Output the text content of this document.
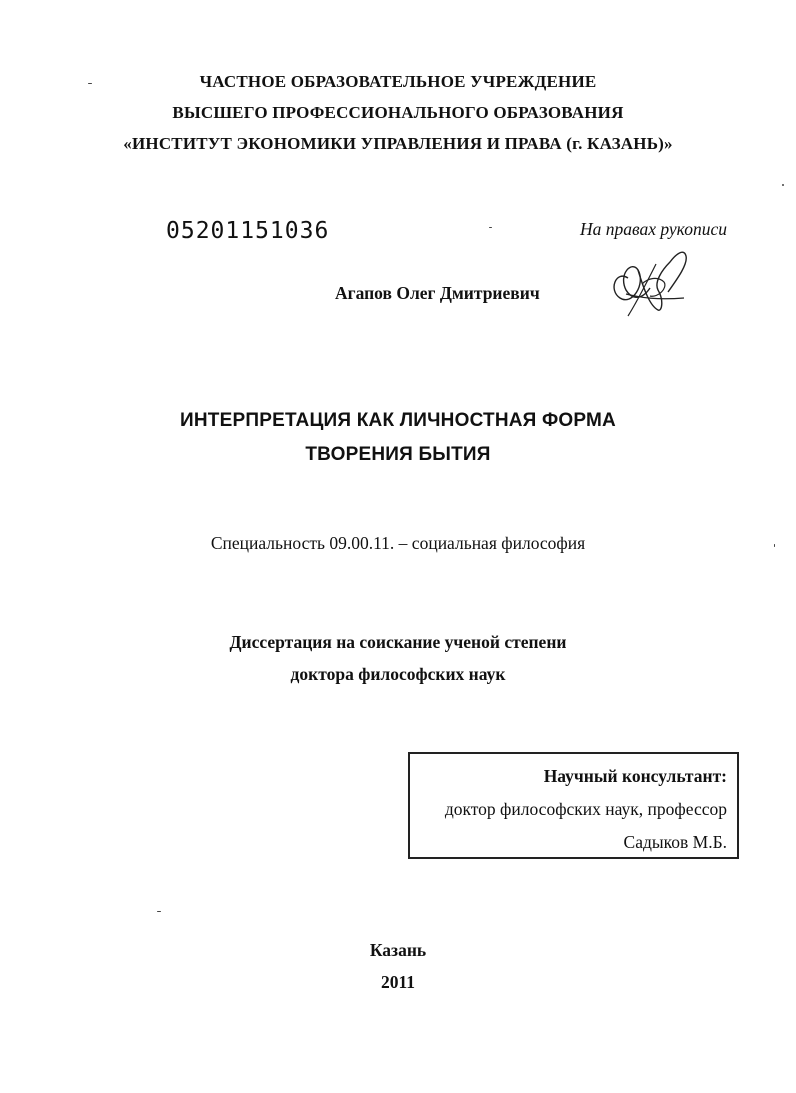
ЧАСТНОЕ ОБРАЗОВАТЕЛЬНОЕ УЧРЕЖДЕНИЕ
ВЫСШЕГО ПРОФЕССИОНАЛЬНОГО ОБРАЗОВАНИЯ
«ИНСТИТУТ ЭКОНОМИКИ УПРАВЛЕНИЯ И ПРАВА (г. КАЗАНЬ)»
05201151036	На правах рукописи
Агапов Олег Дмитриевич
ИНТЕРПРЕТАЦИЯ КАК ЛИЧНОСТНАЯ ФОРМА
ТВОРЕНИЯ БЫТИЯ
Специальность 09.00.11. – социальная философия
Диссертация на соискание ученой степени
доктора философских наук
Научный консультант:
доктор философских наук, профессор
Садыков М.Б.
Казань
2011
